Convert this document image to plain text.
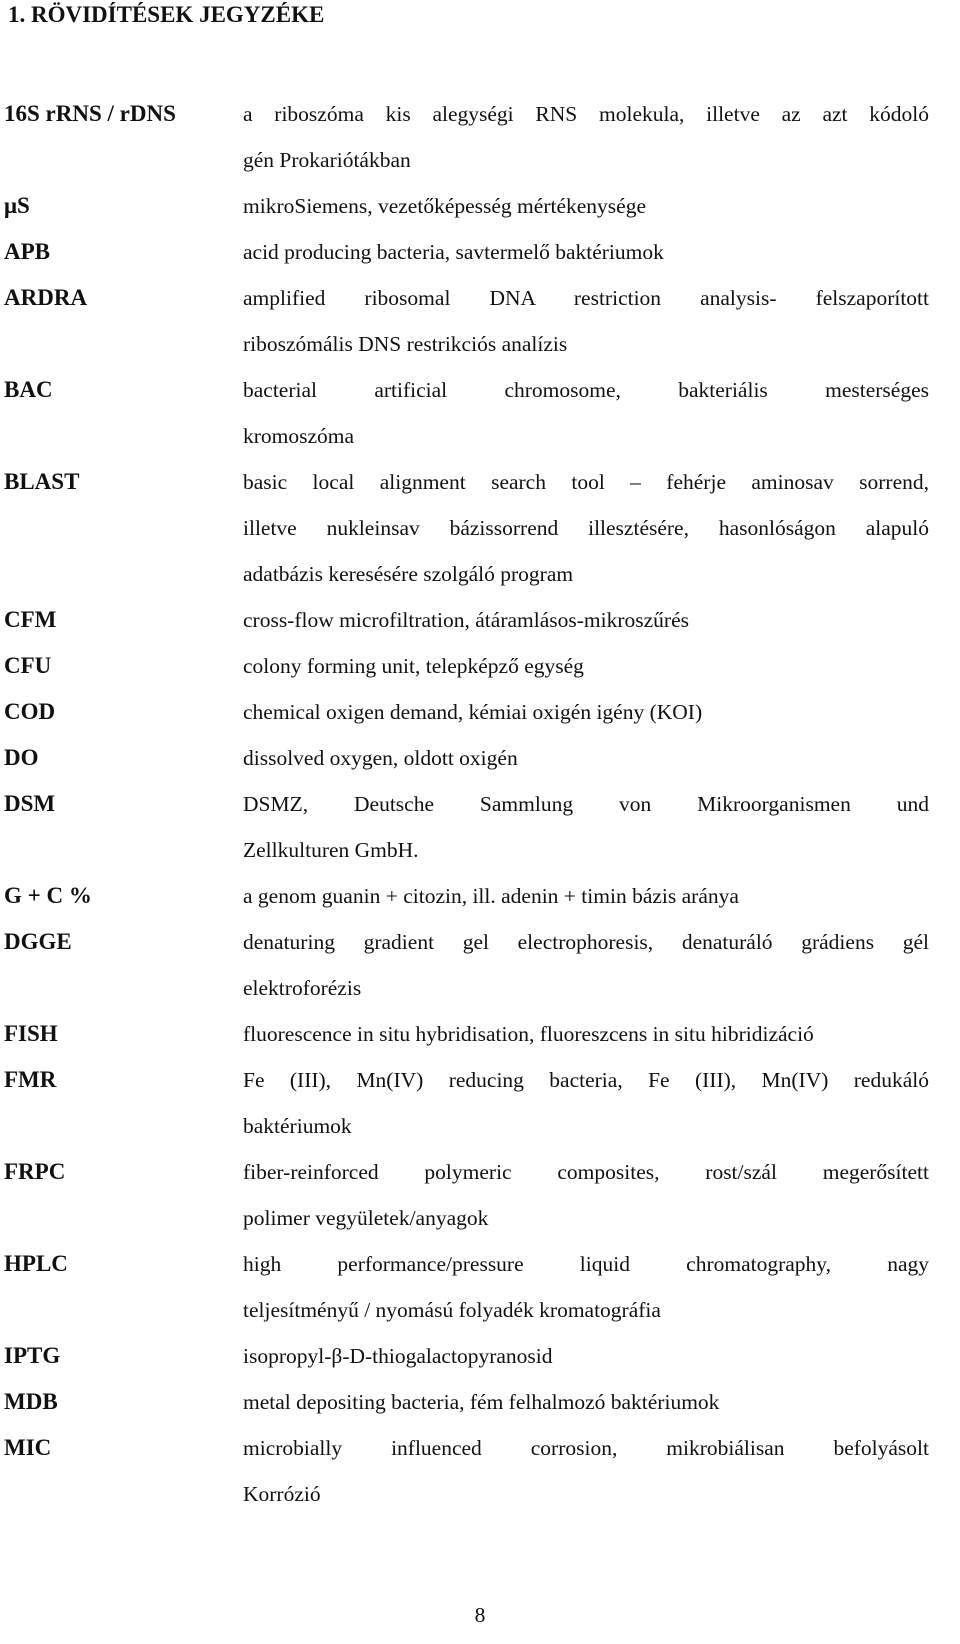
1. RÖVIDÍTÉSEK JEGYZÉKE
16S rRNS / rDNS	a riboszóma kis alegységi RNS molekula, illetve az azt kódoló
gén Prokariótákban
μS	mikroSiemens, vezetőképesség mértékenysége
APB	acid producing bacteria, savtermelő baktériumok
ARDRA	amplified ribosomal DNA restriction analysis- felszaporított
riboszómális DNS restrikciós analízis
BAC	bacterial artificial chromosome, bakteriális mesterséges
kromoszóma
BLAST	basic local alignment search tool – fehérje aminosav sorrend,
illetve nukleinsav bázissorrend illesztésére, hasonlóságon alapuló
adatbázis keresésére szolgáló program
CFM	cross-flow microfiltration, átáramlásos-mikroszűrés
CFU	colony forming unit, telepképző egység
COD	chemical oxigen demand, kémiai oxigén igény (KOI)
DO	dissolved oxygen, oldott oxigén
DSM	DSMZ, Deutsche Sammlung von Mikroorganismen und
Zellkulturen GmbH.
G + C %	a genom guanin + citozin, ill. adenin + timin bázis aránya
DGGE	denaturing gradient gel electrophoresis, denaturáló grádiens gél
elektroforézis
FISH	fluorescence in situ hybridisation, fluoreszcens in situ hibridizáció
FMR	Fe (III), Mn(IV) reducing bacteria, Fe (III), Mn(IV) redukáló
baktériumok
FRPC	fiber-reinforced polymeric composites, rost/szál megerősített
polimer vegyületek/anyagok
HPLC	high performance/pressure liquid chromatography, nagy
teljesítményű / nyomású folyadék kromatográfia
IPTG	isopropyl-β-D-thiogalactopyranosid
MDB	metal depositing bacteria, fém felhalmozó baktériumok
MIC	microbially influenced corrosion, mikrobiálisan befolyásolt
Korrózió
8
